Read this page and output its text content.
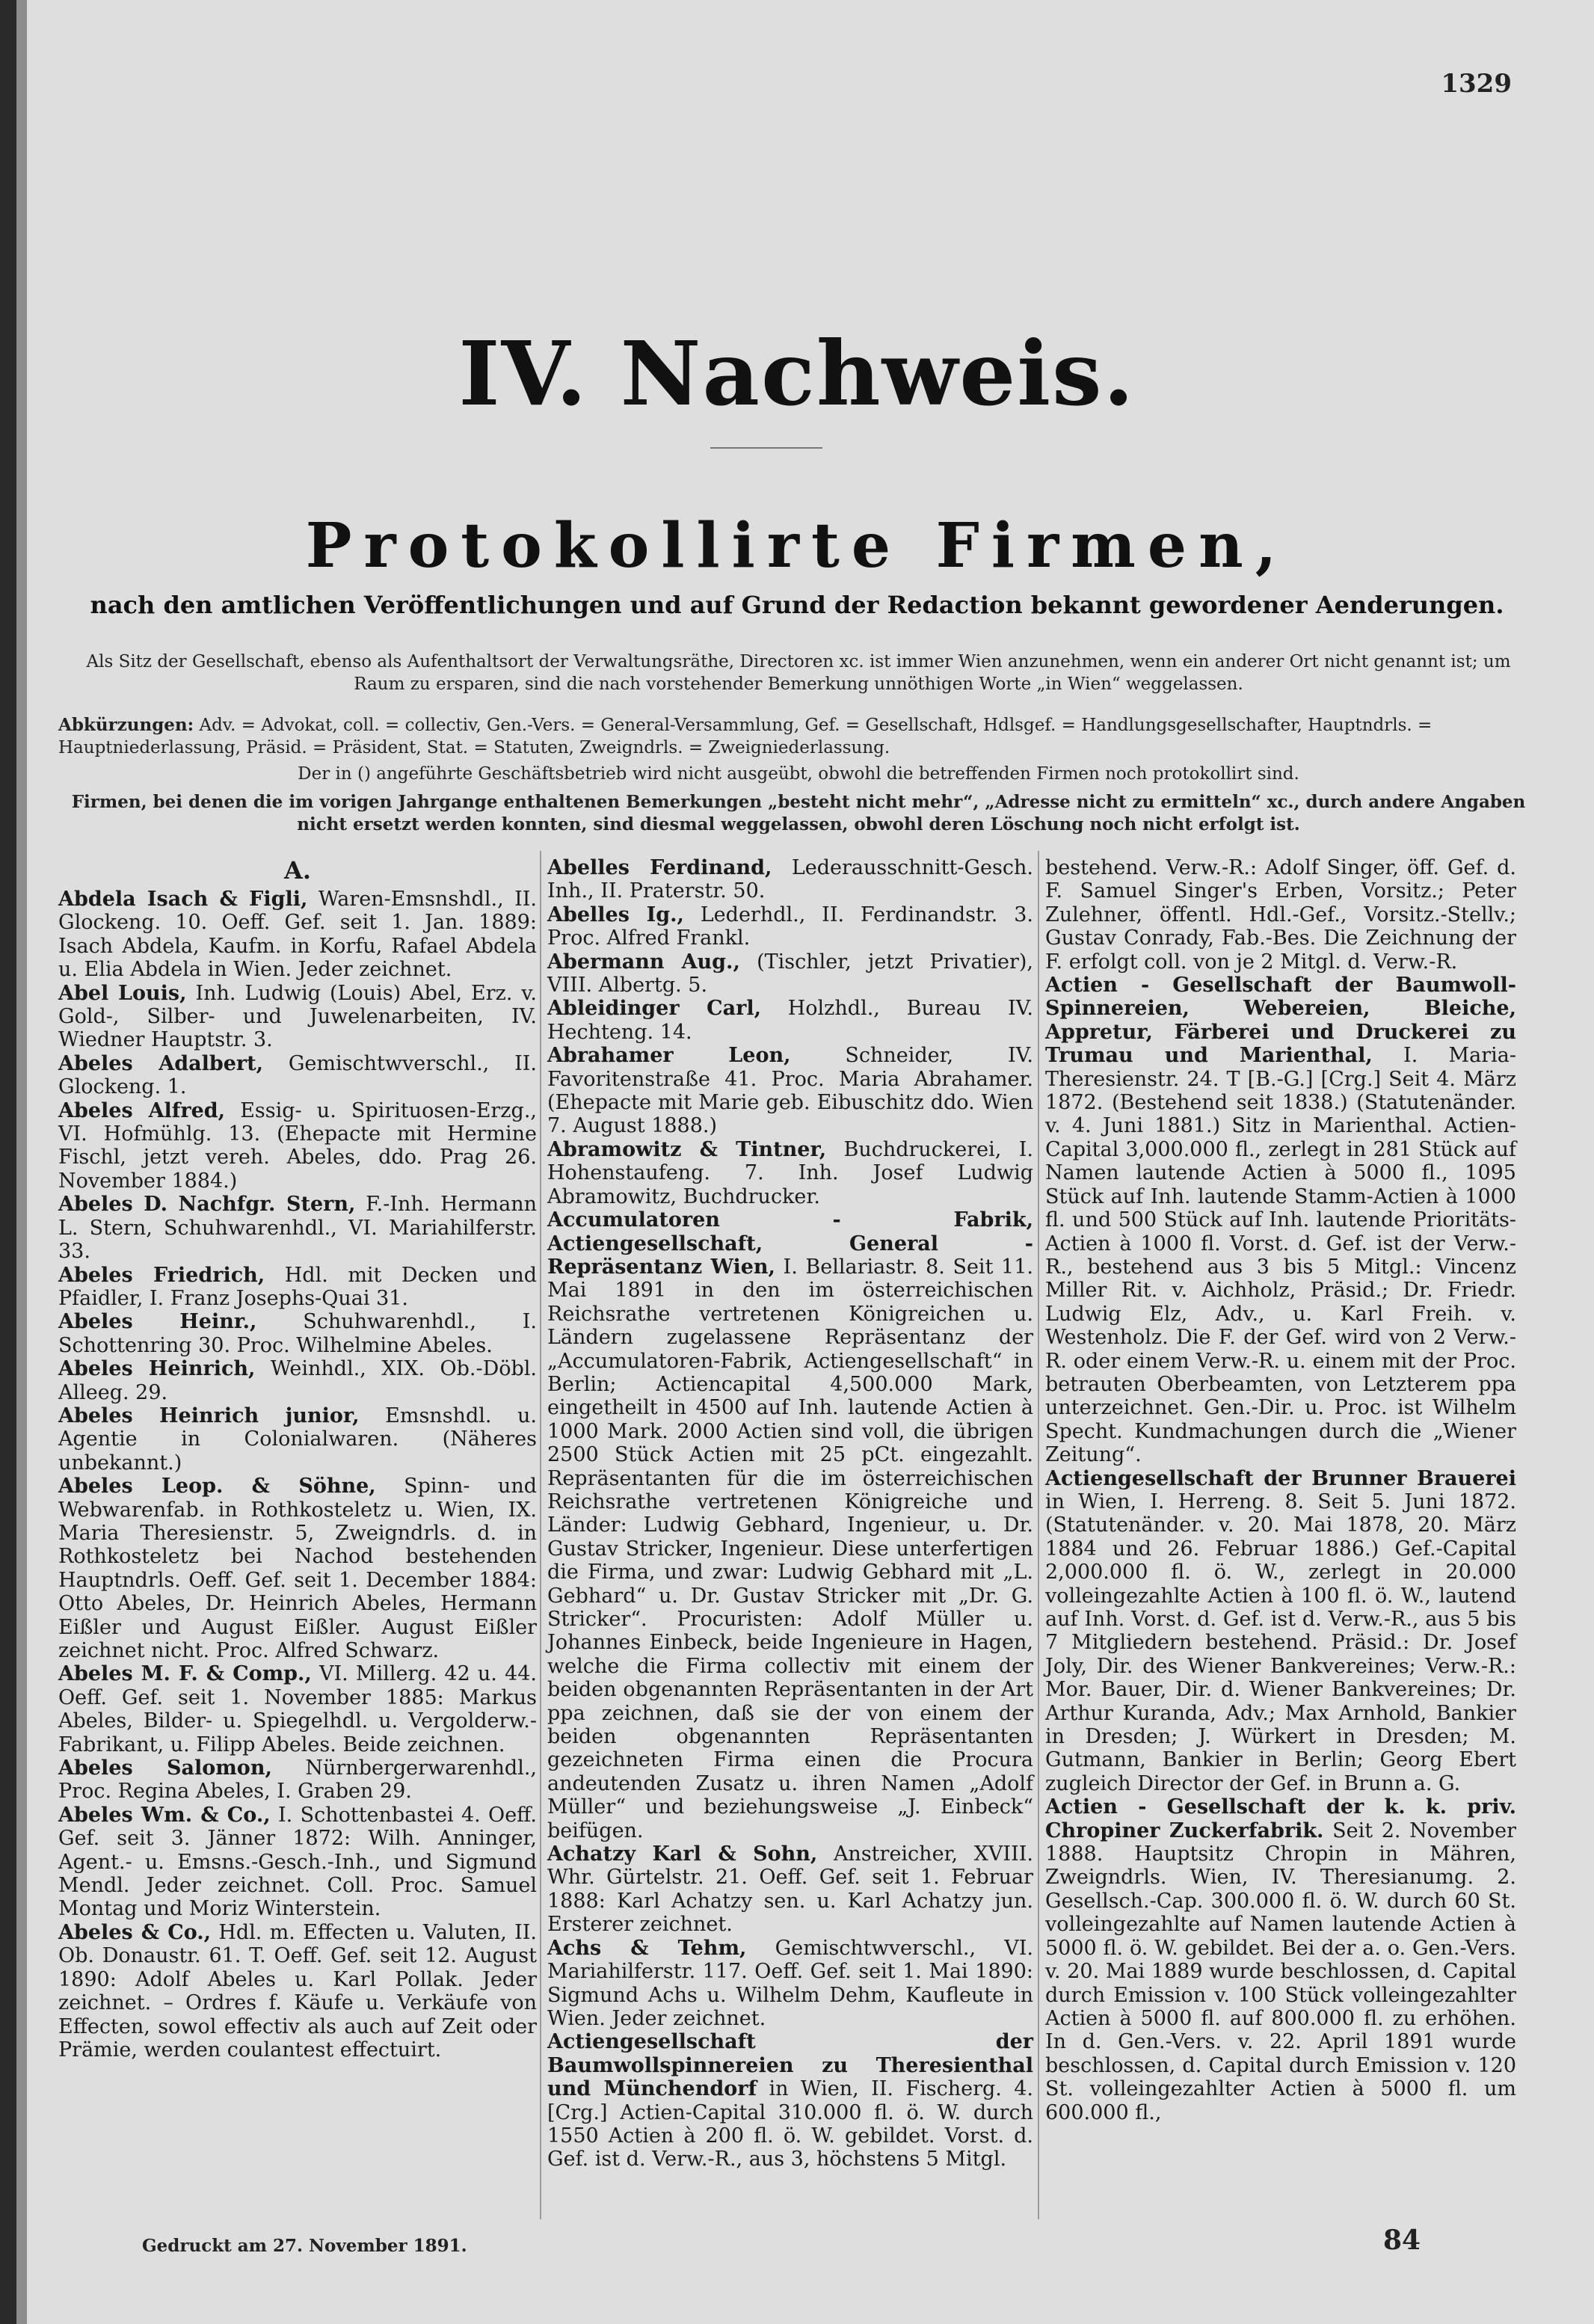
1329
IV. Nachweis.
Protokollirte Firmen,
nach den amtlichen Veröffentlichungen und auf Grund der Redaction bekannt gewordener Aenderungen.
Als Sitz der Gesellschaft, ebenso als Aufenthaltsort der Verwaltungsräthe, Directoren xc. ist immer Wien anzunehmen, wenn ein anderer Ort nicht genannt ist; um Raum zu ersparen, sind die nach vorstehender Bemerkung unnöthigen Worte „in Wien“ weggelassen.
Abkürzungen: Adv. = Advokat, coll. = collectiv, Gen.-Vers. = General-Versammlung, Gef. = Gesellschaft, Hdlsgef. = Handlungsgesellschafter, Hauptndrls. = Hauptniederlassung, Präsid. = Präsident, Stat. = Statuten, Zweigndrls. = Zweigniederlassung.
Der in () angeführte Geschäftsbetrieb wird nicht ausgeübt, obwohl die betreffenden Firmen noch protokollirt sind.
Firmen, bei denen die im vorigen Jahrgange enthaltenen Bemerkungen „besteht nicht mehr“, „Adresse nicht zu ermitteln“ xc., durch andere Angaben nicht ersetzt werden konnten, sind diesmal weggelassen, obwohl deren Löschung noch nicht erfolgt ist.
A.
Abdela Isach & Figli, Waren-Emsnshdl., II. Glockeng. 10. Oeff. Gef. seit 1. Jan. 1889: Isach Abdela, Kaufm. in Korfu, Rafael Abdela u. Elia Abdela in Wien. Jeder zeichnet.
Abel Louis, Inh. Ludwig (Louis) Abel, Erz. v. Gold-, Silber- und Juwelenarbeiten, IV. Wiedner Hauptstr. 3.
Abeles Adalbert, Gemischtwverschl., II. Glockeng. 1.
Abeles Alfred, Essig- u. Spirituosen-Erzg., VI. Hofmühlg. 13. (Ehepacte mit Hermine Fischl, jetzt vereh. Abeles, ddo. Prag 26. November 1884.)
Abeles D. Nachfgr. Stern, F.-Inh. Hermann L. Stern, Schuhwarenhdl., VI. Mariahilferstr. 33.
Abeles Friedrich, Hdl. mit Decken und Pfaidler, I. Franz Josephs-Quai 31.
Abeles Heinr., Schuhwarenhdl., I. Schottenring 30. Proc. Wilhelmine Abeles.
Abeles Heinrich, Weinhdl., XIX. Ob.-Döbl. Alleeg. 29.
Abeles Heinrich junior, Emsnshdl. u. Agentie in Colonialwaren. (Näheres unbekannt.)
Abeles Leop. & Söhne, Spinn- und Webwarenfab. in Rothkosteletz u. Wien, IX. Maria Theresienstr. 5, Zweigndrls. d. in Rothkosteletz bei Nachod bestehenden Hauptndrls. Oeff. Gef. seit 1. December 1884: Otto Abeles, Dr. Heinrich Abeles, Hermann Eißler und August Eißler. August Eißler zeichnet nicht. Proc. Alfred Schwarz.
Abeles M. F. & Comp., VI. Millerg. 42 u. 44. Oeff. Gef. seit 1. November 1885: Markus Abeles, Bilder- u. Spiegelhdl. u. Vergolderw.-Fabrikant, u. Filipp Abeles. Beide zeichnen.
Abeles Salomon, Nürnbergerwarenhdl., Proc. Regina Abeles, I. Graben 29.
Abeles Wm. & Co., I. Schottenbastei 4. Oeff. Gef. seit 3. Jänner 1872: Wilh. Anninger, Agent.- u. Emsns.-Gesch.-Inh., und Sigmund Mendl. Jeder zeichnet. Coll. Proc. Samuel Montag und Moriz Winterstein.
Abeles & Co., Hdl. m. Effecten u. Valuten, II. Ob. Donaustr. 61. T. Oeff. Gef. seit 12. August 1890: Adolf Abeles u. Karl Pollak. Jeder zeichnet. – Ordres f. Käufe u. Verkäufe von Effecten, sowol effectiv als auch auf Zeit oder Prämie, werden coulantest effectuirt.
Abelles Ferdinand, Lederausschnitt-Gesch. Inh., II. Praterstr. 50.
Abelles Ig., Lederhdl., II. Ferdinandstr. 3. Proc. Alfred Frankl.
Abermann Aug., (Tischler, jetzt Privatier), VIII. Albertg. 5.
Ableidinger Carl, Holzhdl., Bureau IV. Hechteng. 14.
Abrahamer Leon,	Schneider, IV. Favoritenstraße 41. Proc. Maria Abrahamer. (Ehepacte mit Marie geb. Eibuschitz ddo. Wien 7. August 1888.)
Abramowitz & Tintner, Buchdruckerei, I. Hohenstaufeng. 7. Inh. Josef Ludwig Abramowitz, Buchdrucker.
Accumulatoren - Fabrik, Actiengesellschaft, General - Repräsentanz Wien, I. Bellariastr. 8. Seit 11. Mai 1891 in den im österreichischen Reichsrathe vertretenen Königreichen u. Ländern zugelassene Repräsentanz der „Accumulatoren-Fabrik, Actiengesellschaft“ in Berlin; Actiencapital 4,500.000 Mark, eingetheilt in 4500 auf Inh. lautende Actien à 1000 Mark. 2000 Actien sind voll, die übrigen 2500 Stück Actien mit 25 pCt. eingezahlt. Repräsentanten für die im österreichischen Reichsrathe vertretenen Königreiche und Länder: Ludwig Gebhard, Ingenieur, u. Dr. Gustav Stricker, Ingenieur. Diese unterfertigen die Firma, und zwar: Ludwig Gebhard mit „L. Gebhard“ u. Dr. Gustav Stricker mit „Dr. G. Stricker“. Procuristen: Adolf Müller u. Johannes Einbeck, beide Ingenieure in Hagen, welche die Firma collectiv mit einem der beiden obgenannten Repräsentanten in der Art ppa zeichnen, daß sie der von einem der beiden obgenannten Repräsentanten gezeichneten Firma einen die Procura andeutenden Zusatz u. ihren Namen „Adolf Müller“ und beziehungsweise „J. Einbeck“ beifügen.
Achatzy Karl & Sohn, Anstreicher, XVIII. Whr. Gürtelstr. 21. Oeff. Gef. seit 1. Februar 1888: Karl Achatzy sen. u. Karl Achatzy jun. Ersterer zeichnet.
Achs & Tehm, Gemischtwverschl., VI. Mariahilferstr. 117. Oeff. Gef. seit 1. Mai 1890: Sigmund Achs u. Wilhelm Dehm, Kaufleute in Wien. Jeder zeichnet.
Actiengesellschaft der Baumwollspinnereien zu Theresienthal und Münchendorf in Wien, II. Fischerg. 4. [Crg.] Actien-Capital 310.000 fl. ö. W. durch 1550 Actien à 200 fl. ö. W. gebildet. Vorst. d. Gef. ist d. Verw.-R., aus 3, höchstens 5 Mitgl.
bestehend. Verw.-R.: Adolf Singer, öff. Gef. d. F. Samuel Singer's Erben, Vorsitz.; Peter Zulehner, öffentl. Hdl.-Gef., Vorsitz.-Stellv.; Gustav Conrady, Fab.-Bes. Die Zeichnung der F. erfolgt coll. von je 2 Mitgl. d. Verw.-R.
Actien - Gesellschaft der Baumwoll-Spinnereien, Webereien, Bleiche, Appretur, Färberei und Druckerei zu Trumau und Marienthal, I. Maria-Theresienstr. 24. T [B.-G.] [Crg.] Seit 4. März 1872. (Bestehend seit 1838.) (Statutenänder. v. 4. Juni 1881.) Sitz in Marienthal. Actien-Capital 3,000.000 fl., zerlegt in 281 Stück auf Namen lautende Actien à 5000 fl., 1095 Stück auf Inh. lautende Stamm-Actien à 1000 fl. und 500 Stück auf Inh. lautende Prioritäts-Actien à 1000 fl. Vorst. d. Gef. ist der Verw.-R., bestehend aus 3 bis 5 Mitgl.: Vincenz Miller Rit. v. Aichholz, Präsid.; Dr. Friedr. Ludwig Elz, Adv., u. Karl Freih. v. Westenholz. Die F. der Gef. wird von 2 Verw.-R. oder einem Verw.-R. u. einem mit der Proc. betrauten Oberbeamten, von Letzterem ppa unterzeichnet. Gen.-Dir. u. Proc. ist Wilhelm Specht. Kundmachungen durch die „Wiener Zeitung“.
Actiengesellschaft der Brunner Brauerei in Wien, I. Herreng. 8. Seit 5. Juni 1872. (Statutenänder. v. 20. Mai 1878, 20. März 1884 und 26. Februar 1886.) Gef.-Capital 2,000.000 fl. ö. W., zerlegt in 20.000 volleingezahlte Actien à 100 fl. ö. W., lautend auf Inh. Vorst. d. Gef. ist d. Verw.-R., aus 5 bis 7 Mitgliedern bestehend. Präsid.: Dr. Josef Joly, Dir. des Wiener Bankvereines; Verw.-R.: Mor. Bauer, Dir. d. Wiener Bankvereines; Dr. Arthur Kuranda, Adv.; Max Arnhold, Bankier in Dresden; J. Würkert in Dresden; M. Gutmann, Bankier in Berlin; Georg Ebert zugleich Director der Gef. in Brunn a. G.
Actien - Gesellschaft der k. k. priv. Chropiner Zuckerfabrik. Seit 2. November 1888. Hauptsitz Chropin in Mähren, Zweigndrls. Wien, IV. Theresianumg. 2. Gesellsch.-Cap. 300.000 fl. ö. W. durch 60 St. volleingezahlte auf Namen lautende Actien à 5000 fl. ö. W. gebildet. Bei der a. o. Gen.-Vers. v. 20. Mai 1889 wurde beschlossen, d. Capital durch Emission v. 100 Stück volleingezahlter Actien à 5000 fl. auf 800.000 fl. zu erhöhen. In d. Gen.-Vers. v. 22. April 1891 wurde beschlossen, d. Capital durch Emission v. 120 St. volleingezahlter Actien à 5000 fl. um 600.000 fl.,
Gedruckt am 27. November 1891.	84
